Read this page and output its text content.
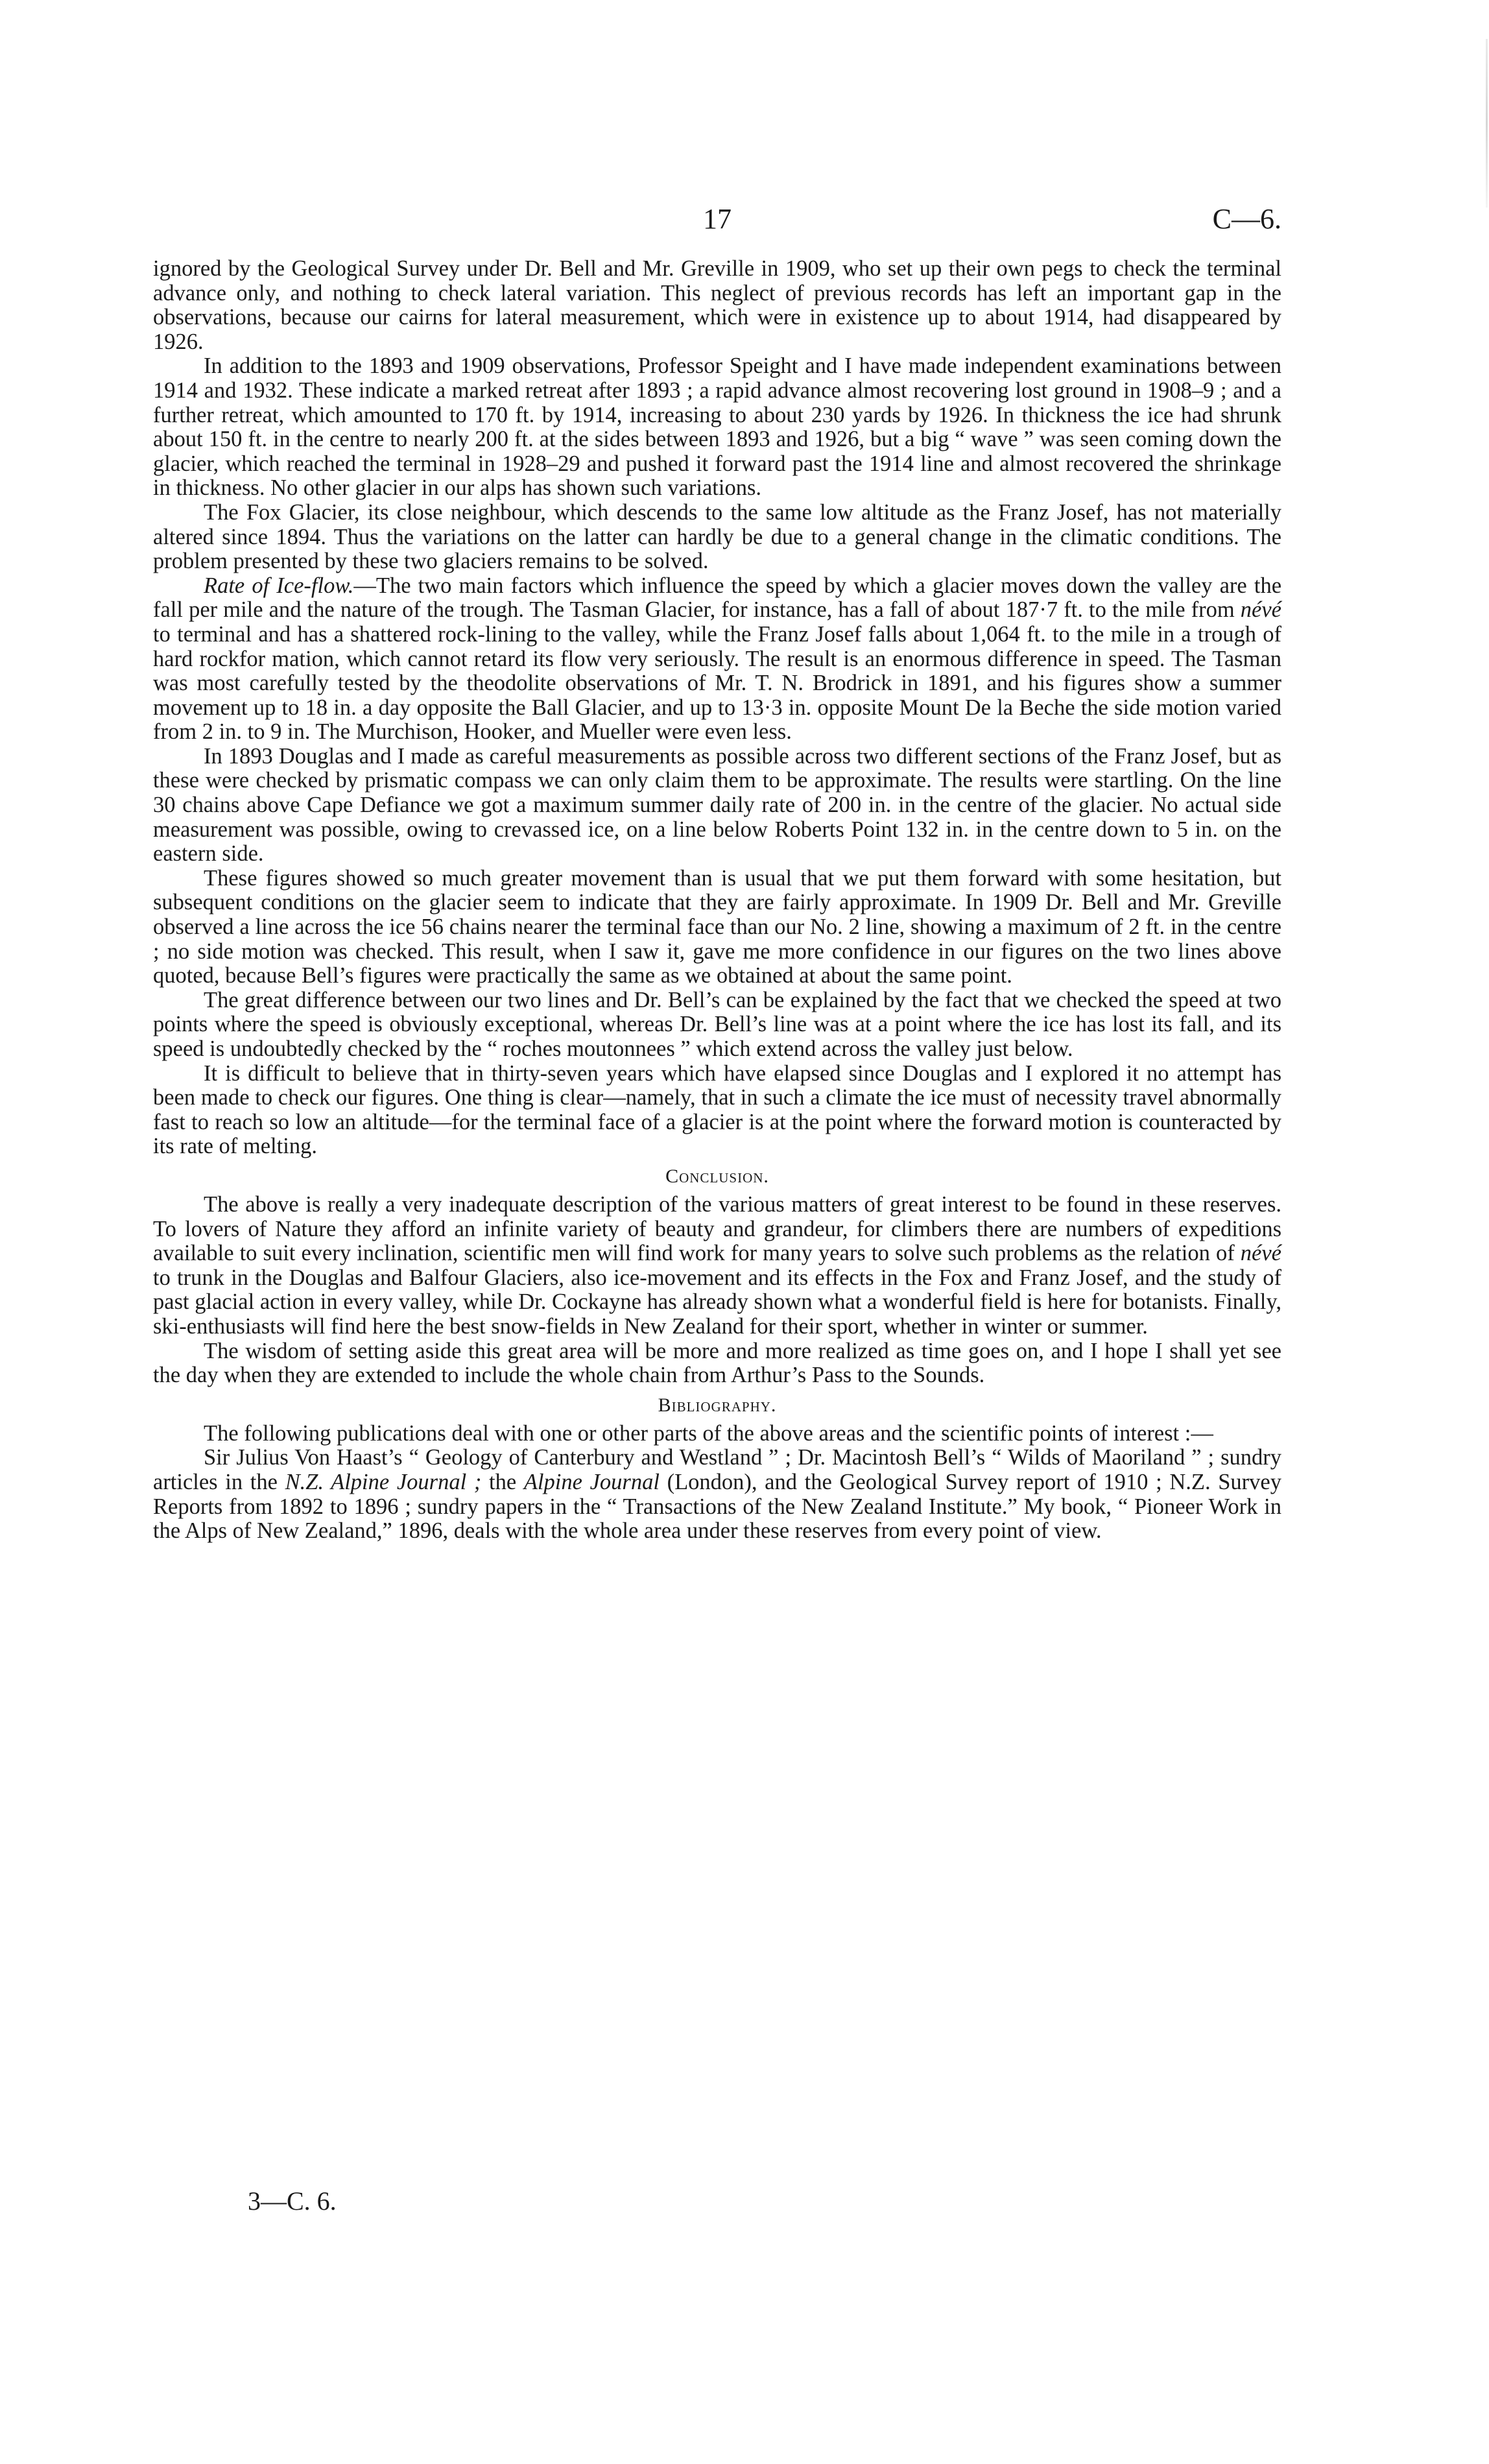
17	C—6.

ignored by the Geological Survey under Dr. Bell and Mr. Greville in 1909, who set up their own pegs to check the terminal advance only, and nothing to check lateral variation. This neglect of previous records has left an important gap in the observations, because our cairns for lateral measurement, which were in existence up to about 1914, had disappeared by 1926.

In addition to the 1893 and 1909 observations, Professor Speight and I have made independent examinations between 1914 and 1932. These indicate a marked retreat after 1893 ; a rapid advance almost recovering lost ground in 1908–9 ; and a further retreat, which amounted to 170 ft. by 1914, increasing to about 230 yards by 1926. In thickness the ice had shrunk about 150 ft. in the centre to nearly 200 ft. at the sides between 1893 and 1926, but a big “ wave ” was seen coming down the glacier, which reached the terminal in 1928–29 and pushed it forward past the 1914 line and almost recovered the shrinkage in thickness. No other glacier in our alps has shown such variations.

The Fox Glacier, its close neighbour, which descends to the same low altitude as the Franz Josef, has not materially altered since 1894. Thus the variations on the latter can hardly be due to a general change in the climatic conditions. The problem presented by these two glaciers remains to be solved.

Rate of Ice-flow.—The two main factors which influence the speed by which a glacier moves down the valley are the fall per mile and the nature of the trough. The Tasman Glacier, for instance, has a fall of about 187·7 ft. to the mile from névé to terminal and has a shattered rock-lining to the valley, while the Franz Josef falls about 1,064 ft. to the mile in a trough of hard rockfor mation, which cannot retard its flow very seriously. The result is an enormous difference in speed. The Tasman was most carefully tested by the theodolite observations of Mr. T. N. Brodrick in 1891, and his figures show a summer movement up to 18 in. a day opposite the Ball Glacier, and up to 13·3 in. opposite Mount De la Beche the side motion varied from 2 in. to 9 in. The Murchison, Hooker, and Mueller were even less.

In 1893 Douglas and I made as careful measurements as possible across two different sections of the Franz Josef, but as these were checked by prismatic compass we can only claim them to be approximate. The results were startling. On the line 30 chains above Cape Defiance we got a maximum summer daily rate of 200 in. in the centre of the glacier. No actual side measurement was possible, owing to crevassed ice, on a line below Roberts Point 132 in. in the centre down to 5 in. on the eastern side.

These figures showed so much greater movement than is usual that we put them forward with some hesitation, but subsequent conditions on the glacier seem to indicate that they are fairly approximate. In 1909 Dr. Bell and Mr. Greville observed a line across the ice 56 chains nearer the terminal face than our No. 2 line, showing a maximum of 2 ft. in the centre ; no side motion was checked. This result, when I saw it, gave me more confidence in our figures on the two lines above quoted, because Bell’s figures were practically the same as we obtained at about the same point.

The great difference between our two lines and Dr. Bell’s can be explained by the fact that we checked the speed at two points where the speed is obviously exceptional, whereas Dr. Bell’s line was at a point where the ice has lost its fall, and its speed is undoubtedly checked by the “ roches moutonnees ” which extend across the valley just below.

It is difficult to believe that in thirty-seven years which have elapsed since Douglas and I explored it no attempt has been made to check our figures. One thing is clear—namely, that in such a climate the ice must of necessity travel abnormally fast to reach so low an altitude—for the terminal face of a glacier is at the point where the forward motion is counteracted by its rate of melting.

Conclusion.

The above is really a very inadequate description of the various matters of great interest to be found in these reserves. To lovers of Nature they afford an infinite variety of beauty and grandeur, for climbers there are numbers of expeditions available to suit every inclination, scientific men will find work for many years to solve such problems as the relation of névé to trunk in the Douglas and Balfour Glaciers, also ice-movement and its effects in the Fox and Franz Josef, and the study of past glacial action in every valley, while Dr. Cockayne has already shown what a wonderful field is here for botanists. Finally, ski-enthusiasts will find here the best snow-fields in New Zealand for their sport, whether in winter or summer.

The wisdom of setting aside this great area will be more and more realized as time goes on, and I hope I shall yet see the day when they are extended to include the whole chain from Arthur’s Pass to the Sounds.

Bibliography.

The following publications deal with one or other parts of the above areas and the scientific points of interest :—

Sir Julius Von Haast’s “ Geology of Canterbury and Westland ” ; Dr. Macintosh Bell’s “ Wilds of Maoriland ” ; sundry articles in the N.Z. Alpine Journal ; the Alpine Journal (London), and the Geological Survey report of 1910 ; N.Z. Survey Reports from 1892 to 1896 ; sundry papers in the “ Transactions of the New Zealand Institute.” My book, “ Pioneer Work in the Alps of New Zealand,” 1896, deals with the whole area under these reserves from every point of view.

3—C. 6.
